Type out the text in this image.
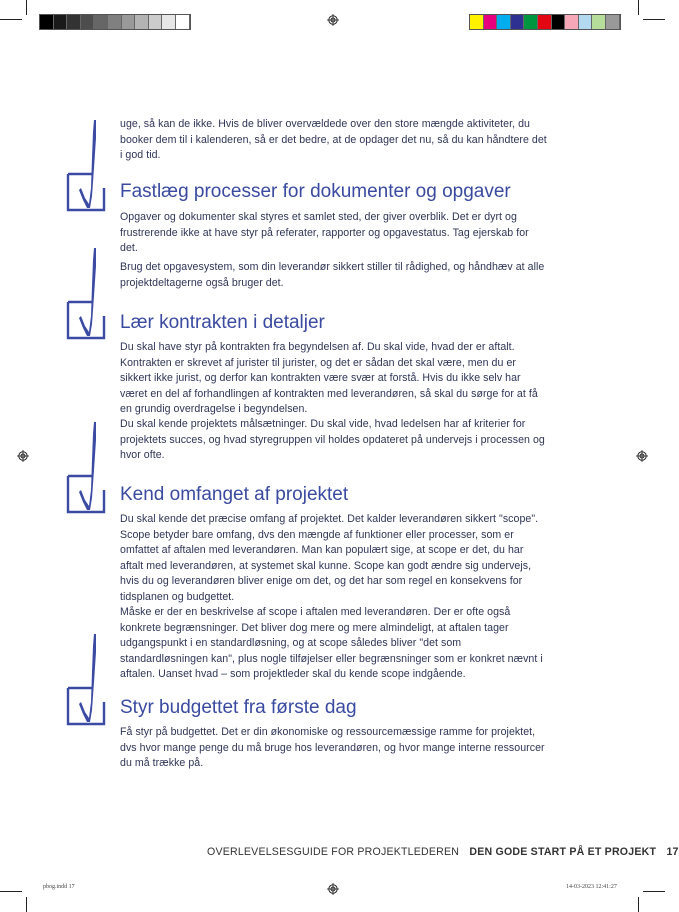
uge, så kan de ikke. Hvis de bliver overvældede over den store mængde aktiviteter, du booker dem til i kalenderen, så er det bedre, at de opdager det nu, så du kan håndtere det i god tid.
Fastlæg processer for dokumenter og opgaver
Opgaver og dokumenter skal styres et samlet sted, der giver overblik. Det er dyrt og frustrerende ikke at have styr på referater, rapporter og opgavestatus. Tag ejerskab for det.
Brug det opgavesystem, som din leverandør sikkert stiller til rådighed, og håndhæv at alle projektdeltagerne også bruger det.
Lær kontrakten i detaljer
Du skal have styr på kontrakten fra begyndelsen af. Du skal vide, hvad der er aftalt. Kontrakten er skrevet af jurister til jurister, og det er sådan det skal være, men du er sikkert ikke jurist, og derfor kan kontrakten være svær at forstå. Hvis du ikke selv har været en del af forhandlingen af kontrakten med leverandøren, så skal du sørge for at få en grundig overdragelse i begyndelsen.
Du skal kende projektets målsætninger. Du skal vide, hvad ledelsen har af kriterier for projektets succes, og hvad styregruppen vil holdes opdateret på undervejs i processen og hvor ofte.
Kend omfanget af projektet
Du skal kende det præcise omfang af projektet. Det kalder leverandøren sikkert "scope". Scope betyder bare omfang, dvs den mængde af funktioner eller processer, som er omfattet af aftalen med leverandøren. Man kan populært sige, at scope er det, du har aftalt med leverandøren, at systemet skal kunne. Scope kan godt ændre sig undervejs, hvis du og leverandøren bliver enige om det, og det har som regel en konsekvens for tidsplanen og budgettet.
Måske er der en beskrivelse af scope i aftalen med leverandøren. Der er ofte også konkrete begrænsninger. Det bliver dog mere og mere almindeligt, at aftalen tager udgangspunkt i en standardløsning, og at scope således bliver "det som standardløsningen kan", plus nogle tilføjelser eller begrænsninger som er konkret nævnt i aftalen. Uanset hvad – som projektleder skal du kende scope indgående.
Styr budgettet fra første dag
Få styr på budgettet. Det er din økonomiske og ressourcemæssige ramme for projektet, dvs hvor mange penge du må bruge hos leverandøren, og hvor mange interne ressourcer du må trække på.
OVERLEVELSESGUIDE FOR PROJEKTLEDEREN DEN GODE START PÅ ET PROJEKT 17
pbog.indd 17	14-03-2023 12:41:27
